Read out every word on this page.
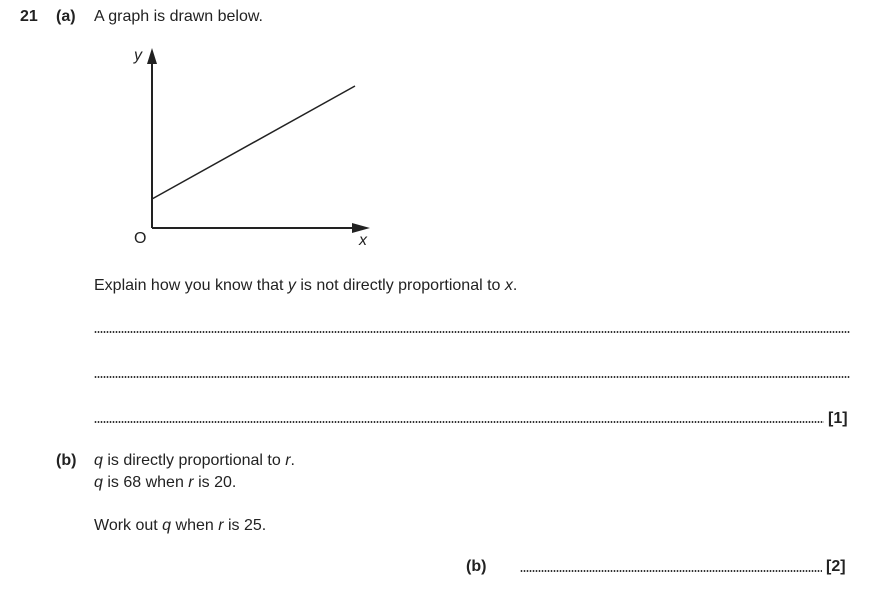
21 (a) A graph is drawn below.
y
O	x
Explain how you know that y is not directly proportional to x.
[1]
(b) q is directly proportional to r.
q is 68 when r is 20.
Work out q when r is 25.
(b)	[2]
